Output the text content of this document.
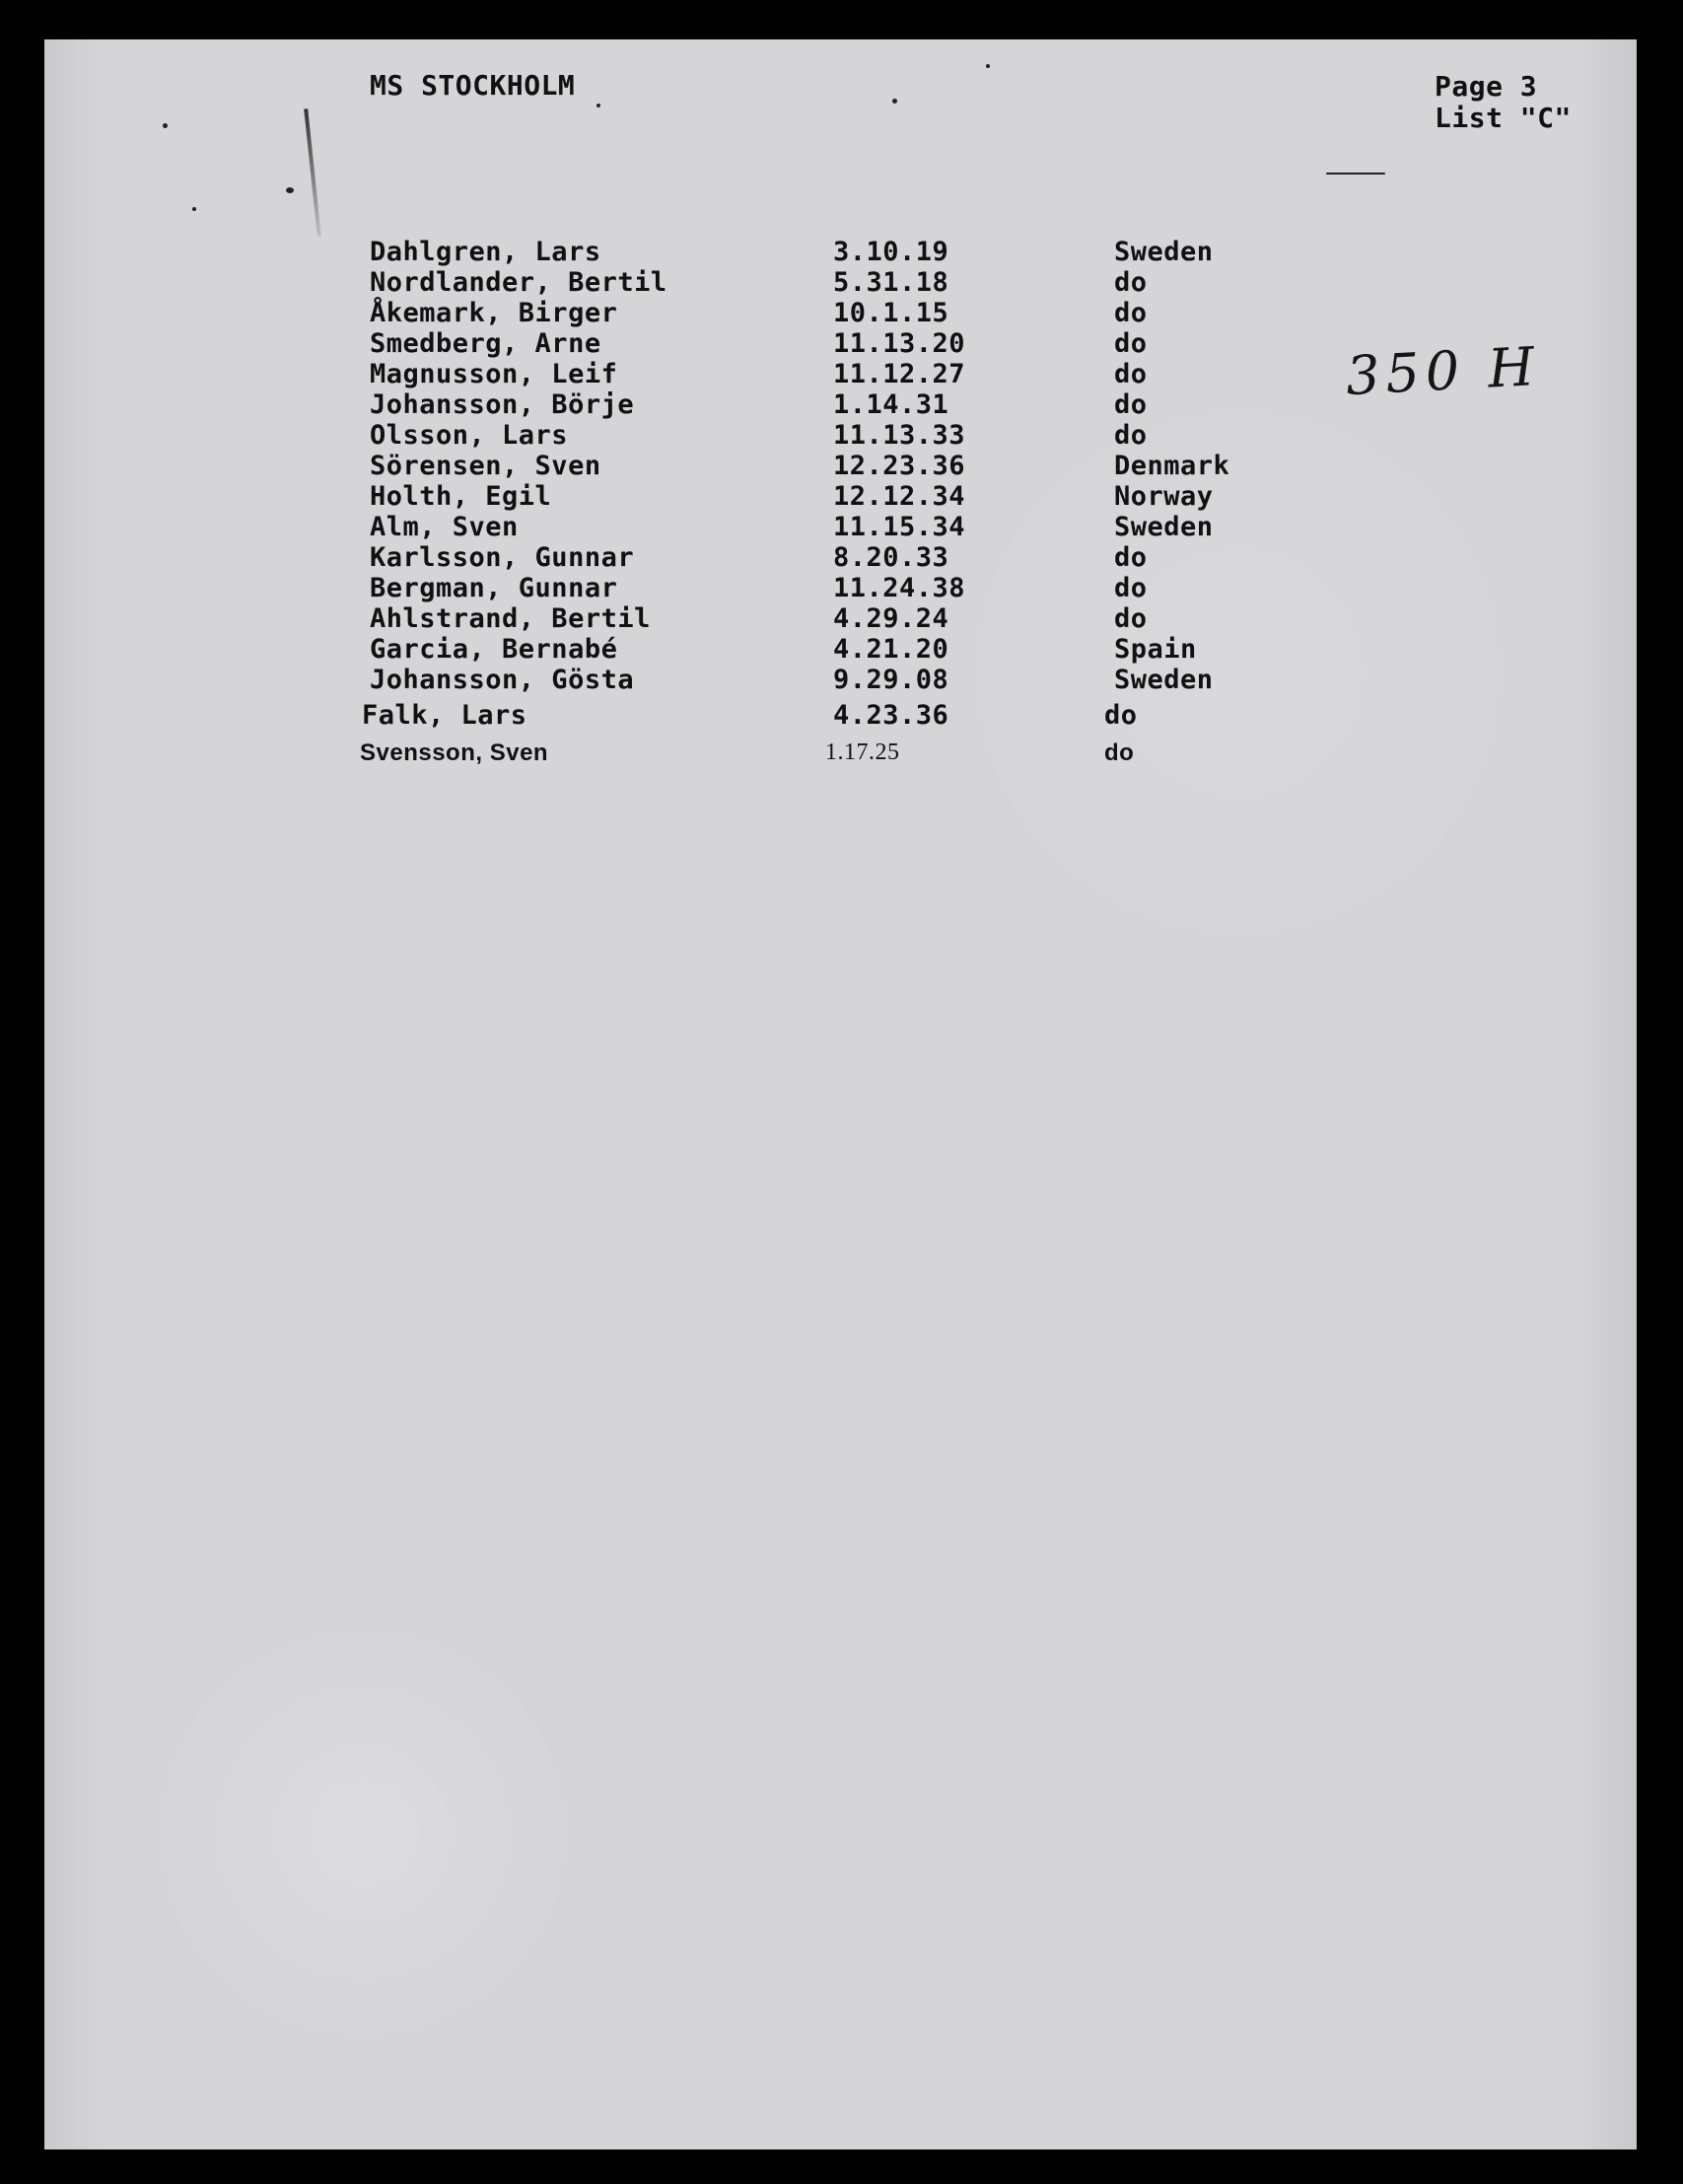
MS STOCKHOLM	Page 3
List "C"
350 H
Dahlgren, Lars	3.10.19	Sweden
Nordlander, Bertil	5.31.18	do
Åkemark, Birger	10.1.15	do
Smedberg, Arne	11.13.20	do
Magnusson, Leif	11.12.27	do
Johansson, Börje	1.14.31	do
Olsson, Lars	11.13.33	do
Sörensen, Sven	12.23.36	Denmark
Holth, Egil	12.12.34	Norway
Alm, Sven	11.15.34	Sweden
Karlsson, Gunnar	8.20.33	do
Bergman, Gunnar	11.24.38	do
Ahlstrand, Bertil	4.29.24	do
Garcia, Bernabé	4.21.20	Spain
Johansson, Gösta	9.29.08	Sweden
Falk, Lars	4.23.36	do
Svensson, Sven	1.17.25	do
